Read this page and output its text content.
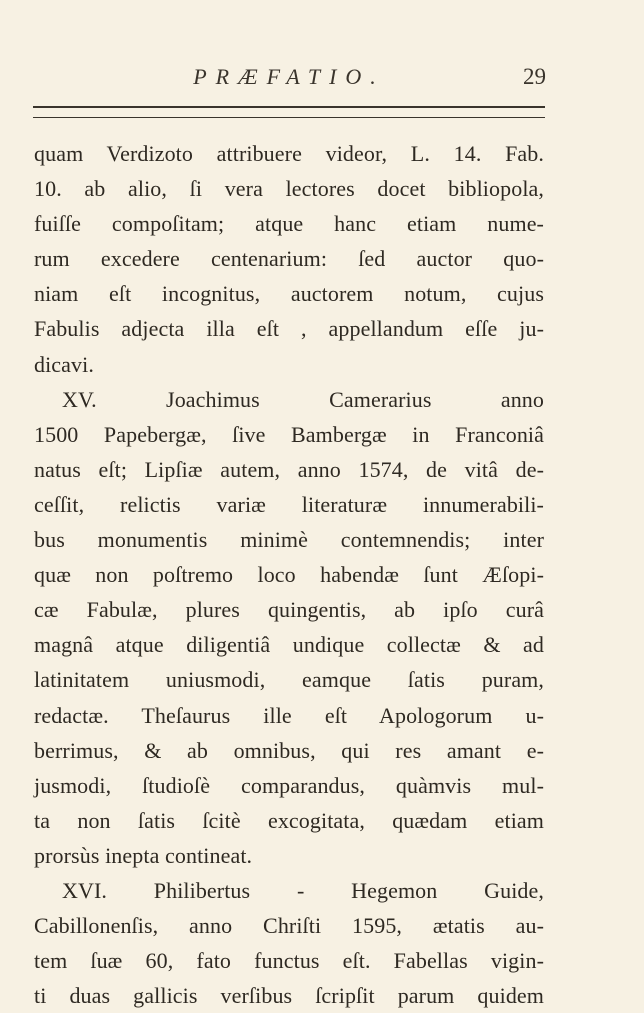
PRÆFATIO.	29
quam Verdizoto attribuere videor, L. 14. Fab.
10. ab alio, ſi vera lectores docet bibliopola,
fuiſſe compoſitam; atque hanc etiam nume-
rum excedere centenarium: ſed auctor quo-
niam eſt incognitus, auctorem notum, cujus
Fabulis adjecta illa eſt , appellandum eſſe ju-
dicavi.
XV. Joachimus Camerarius anno
1500 Papebergæ, ſive Bambergæ in Franconiâ
natus eſt; Lipſiæ autem, anno 1574, de vitâ de-
ceſſit, relictis variæ literaturæ innumerabili-
bus monumentis minimè contemnendis; inter
quæ non poſtremo loco habendæ ſunt Æſopi-
cæ Fabulæ, plures quingentis, ab ipſo curâ
magnâ atque diligentiâ undique collectæ & ad
latinitatem uniusmodi, eamque ſatis puram,
redactæ. Theſaurus ille eſt Apologorum u-
berrimus, & ab omnibus, qui res amant e-
jusmodi, ſtudioſè comparandus, quàmvis mul-
ta non ſatis ſcitè excogitata, quædam etiam
prorsùs inepta contineat.
XVI. Philibertus - Hegemon Guide,
Cabillonenſis, anno Chriſti 1595, ætatis au-
tem ſuæ 60, fato functus eſt. Fabellas vigin-
ti duas gallicis verſibus ſcripſit parum quidem
